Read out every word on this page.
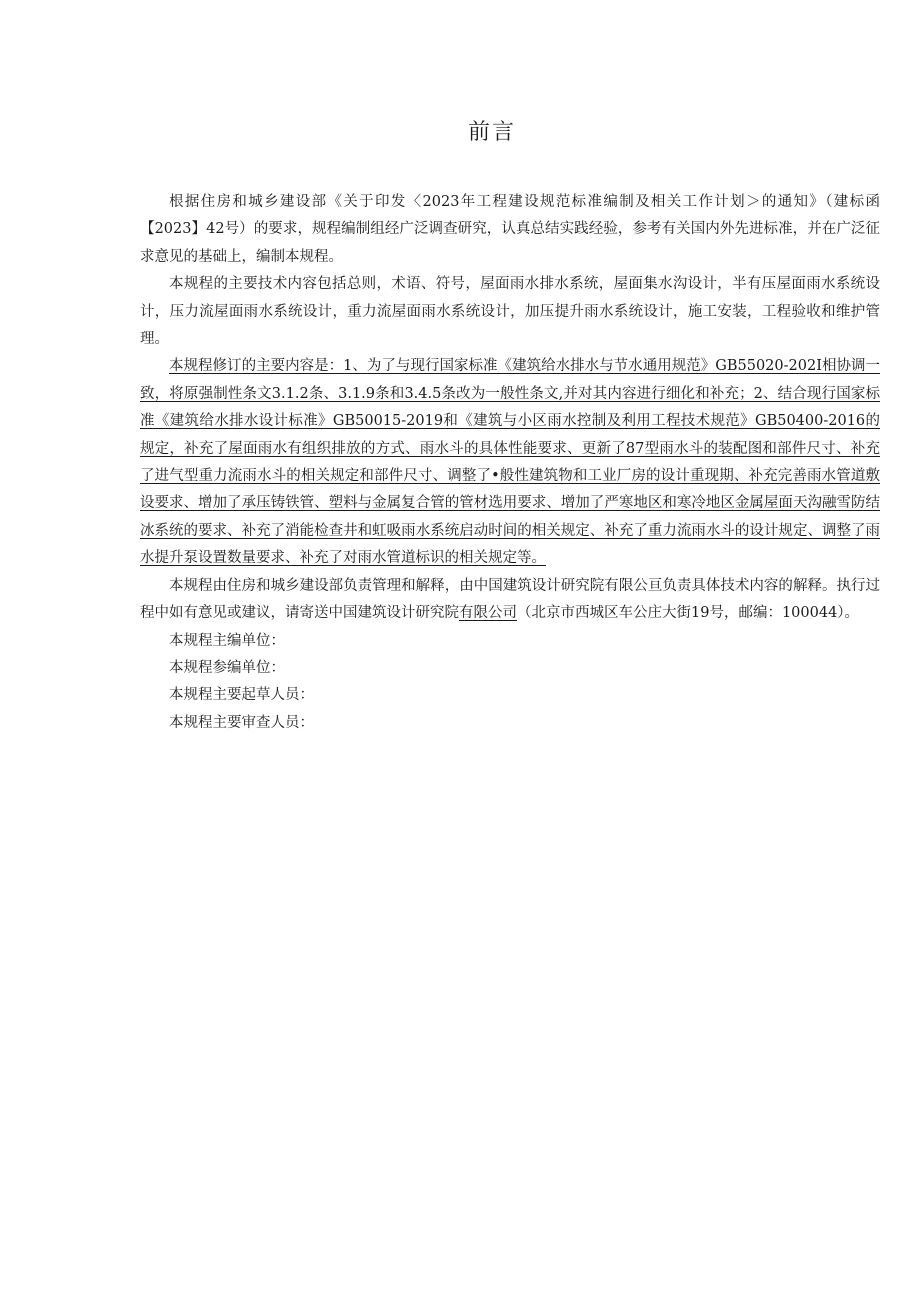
前言

根据住房和城乡建设部《关于印发〈2023年工程建设规范标准编制及相关工作计划＞的通知》（建标函【2023】42号）的要求，规程编制组经广泛调查研究，认真总结实践经验，参考有关国内外先进标准，并在广泛征求意见的基础上，编制本规程。

本规程的主要技术内容包括总则，术语、符号，屋面雨水排水系统，屋面集水沟设计，半有压屋面雨水系统设计，压力流屋面雨水系统设计，重力流屋面雨水系统设计，加压提升雨水系统设计，施工安装，工程验收和维护管理。

本规程修订的主要内容是：1、为了与现行国家标准《建筑给水排水与节水通用规范》GB55020-202I相协调一致，将原强制性条文3.1.2条、3.1.9条和3.4.5条改为一般性条文,并对其内容进行细化和补充；2、结合现行国家标准《建筑给水排水设计标准》GB50015-2019和《建筑与小区雨水控制及利用工程技术规范》GB50400-2016的规定，补充了屋面雨水有组织排放的方式、雨水斗的具体性能要求、更新了87型雨水斗的装配图和部件尺寸、补充了进气型重力流雨水斗的相关规定和部件尺寸、调整了•般性建筑物和工业厂房的设计重现期、补充完善雨水管道敷设要求、增加了承压铸铁管、塑料与金属复合管的管材选用要求、增加了严寒地区和寒冷地区金属屋面天沟融雪防结冰系统的要求、补充了消能检查井和虹吸雨水系统启动时间的相关规定、补充了重力流雨水斗的设计规定、调整了雨水提升泵设置数量要求、补充了对雨水管道标识的相关规定等。

本规程由住房和城乡建设部负责管理和解释，由中国建筑设计研究院有限公亘负责具体技术内容的解释。执行过程中如有意见或建议，请寄送中国建筑设计研究院有限公司（北京市西城区车公庄大街19号，邮编：100044）。

本规程主编单位：

本规程参编单位：

本规程主要起草人员：

本规程主要审查人员：
